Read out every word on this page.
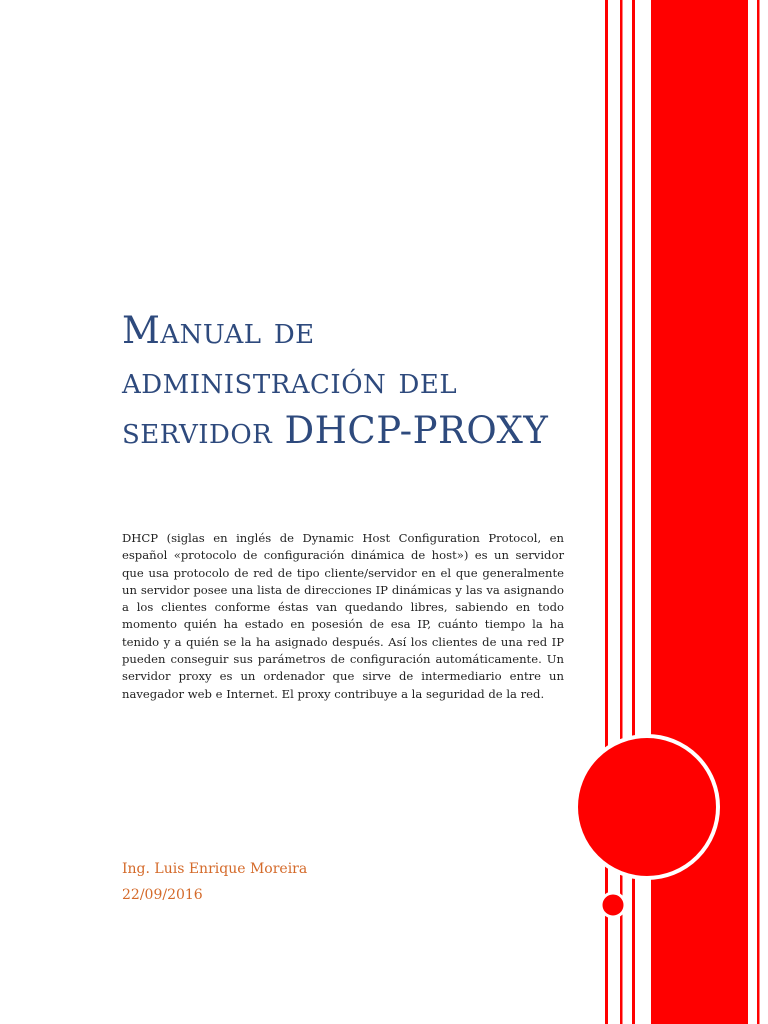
Manual de
administración del
servidor DHCP-PROXY

DHCP (siglas en inglés de Dynamic Host Configuration Protocol, en español «protocolo de configuración dinámica de host») es un servidor que usa protocolo de red de tipo cliente/servidor en el que generalmente un servidor posee una lista de direcciones IP dinámicas y las va asignando a los clientes conforme éstas van quedando libres, sabiendo en todo momento quién ha estado en posesión de esa IP, cuánto tiempo la ha tenido y a quién se la ha asignado después. Así los clientes de una red IP pueden conseguir sus parámetros de configuración automáticamente. Un servidor proxy es un ordenador que sirve de intermediario entre un navegador web e Internet. El proxy contribuye a la seguridad de la red.

Ing. Luis Enrique Moreira

22/09/2016
